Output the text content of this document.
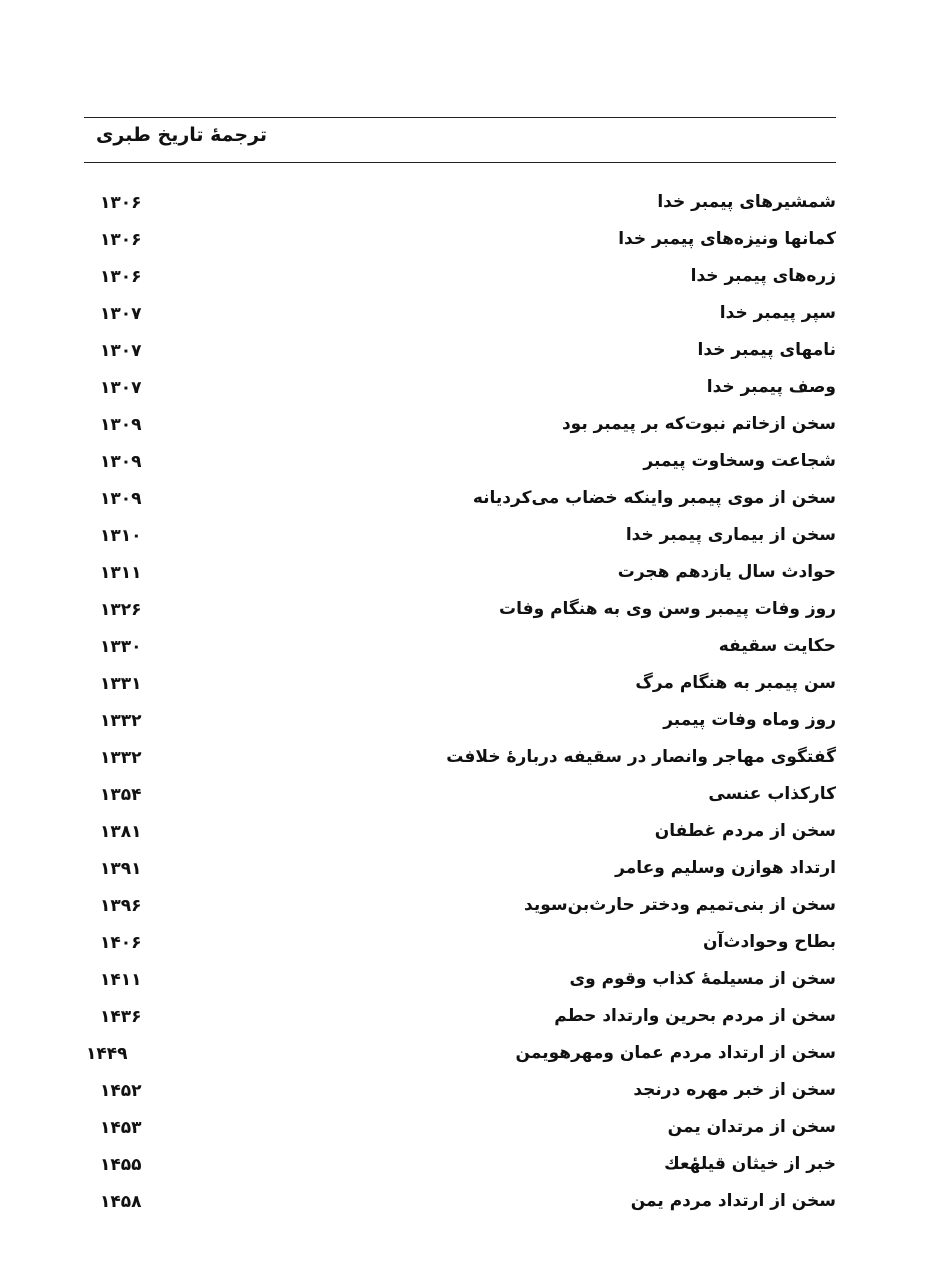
ترجمهٔ تاریخ طبری
شمشیرهای پیمبر خدا
۱۳۰۶
کمانها ونیزه‌های پیمبر خدا
۱۳۰۶
زره‌های پیمبر خدا
۱۳۰۶
سپر پیمبر خدا
۱۳۰۷
نامهای پیمبر خدا
۱۳۰۷
وصف پیمبر خدا
۱۳۰۷
سخن ازخاتم نبوت‌که بر پیمبر بود
۱۳۰۹
شجاعت وسخاوت پیمبر
۱۳۰۹
سخن از موی پیمبر واینکه خضاب می‌کردیانه
۱۳۰۹
سخن از بیماری پیمبر خدا
۱۳۱۰
حوادث سال یازدهم هجرت
۱۳۱۱
روز وفات پیمبر وسن وی به هنگام وفات
۱۳۲۶
حکایت سقیفه
۱۳۳۰
سن پیمبر به هنگام مرگ
۱۳۳۱
روز وماه وفات پیمبر
۱۳۳۲
گفتگوی مهاجر وانصار در سقیفه دربارهٔ خلافت
۱۳۳۲
کارکذاب عنسی
۱۳۵۴
سخن از مردم غطفان
۱۳۸۱
ارتداد هوازن وسلیم وعامر
۱۳۹۱
سخن از بنی‌تمیم ودختر حارث‌بن‌سوید
۱۳۹۶
بطاح وحوادث‌آن
۱۴۰۶
سخن از مسیلمهٔ کذاب وقوم وی
۱۴۱۱
سخن از مردم بحرین وارتداد حطم
۱۴۳۶
سخن از ارتداد مردم عمان ومهرهویمن
۱۴۴۹
سخن از خبر مهره درنجد
۱۴۵۲
سخن از مرتدان یمن
۱۴۵۳
خبر از خیثان قیلهٔعك
۱۴۵۵
سخن از ارتداد مردم یمن
۱۴۵۸
